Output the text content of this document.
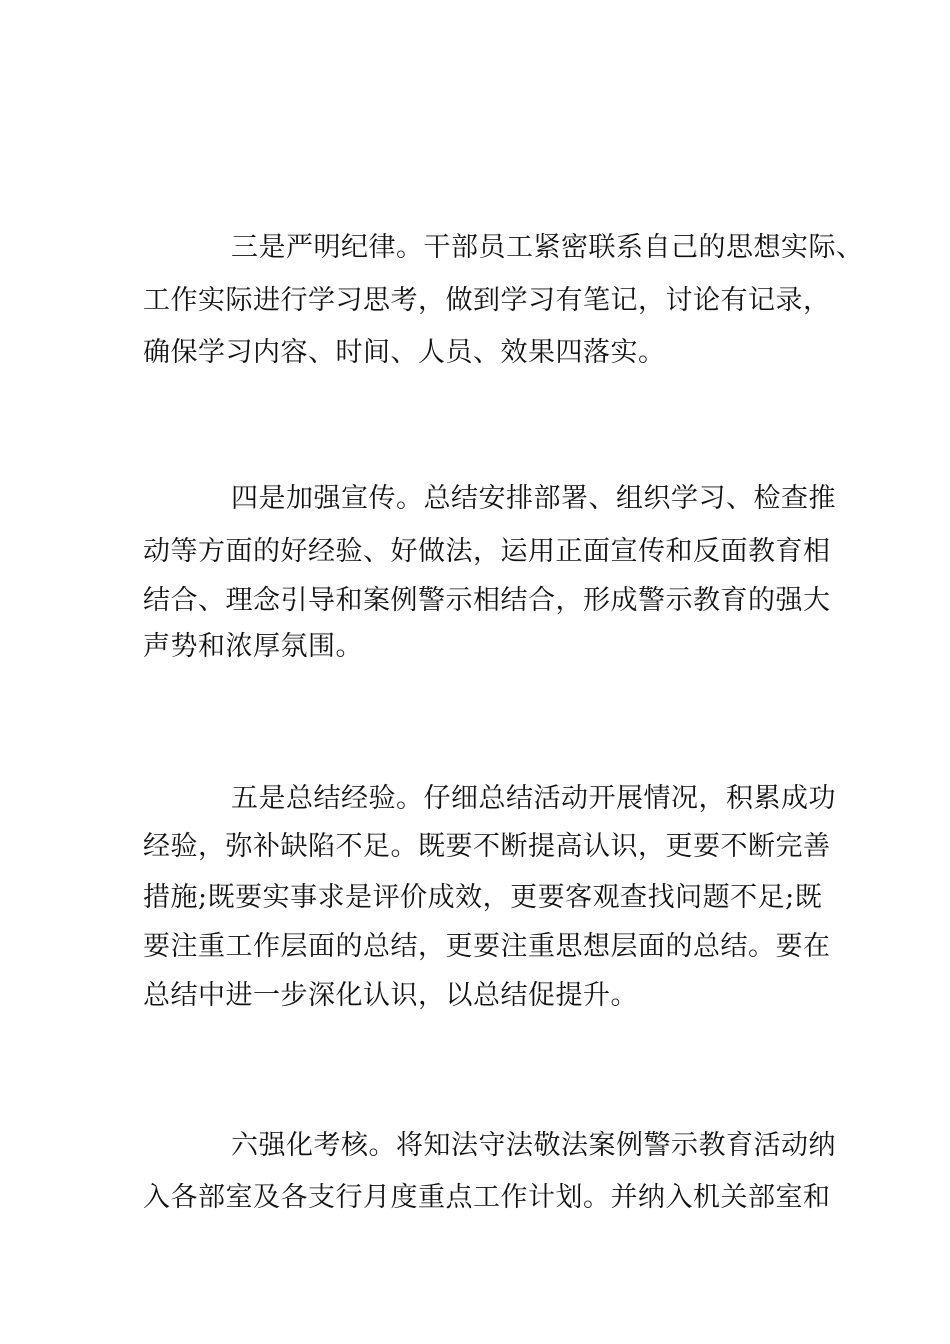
三是严明纪律。干部员工紧密联系自己的思想实际、
工作实际进行学习思考，做到学习有笔记，讨论有记录，
确保学习内容、时间、人员、效果四落实。
四是加强宣传。总结安排部署、组织学习、检查推
动等方面的好经验、好做法，运用正面宣传和反面教育相
结合、理念引导和案例警示相结合，形成警示教育的强大
声势和浓厚氛围。
五是总结经验。仔细总结活动开展情况，积累成功
经验，弥补缺陷不足。既要不断提高认识，更要不断完善
措施;既要实事求是评价成效，更要客观查找问题不足;既
要注重工作层面的总结，更要注重思想层面的总结。要在
总结中进一步深化认识，以总结促提升。
六强化考核。将知法守法敬法案例警示教育活动纳
入各部室及各支行月度重点工作计划。并纳入机关部室和
